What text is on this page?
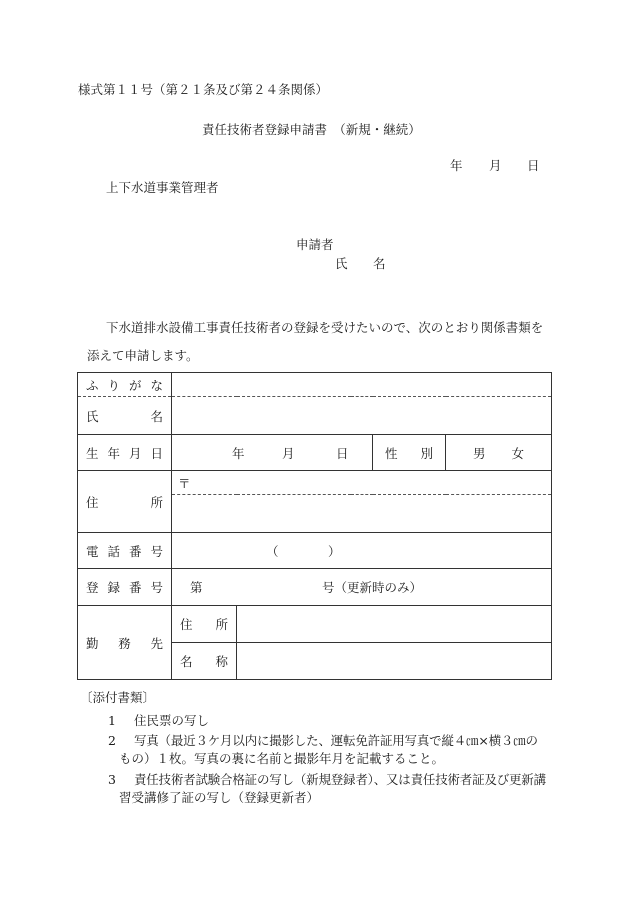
様式第１１号（第２１条及び第２４条関係）
責任技術者登録申請書　（新規・継続）
年 月 日
上下水道事業管理者
申請者
氏 名
下水道排水設備工事責任技術者の登録を受けたいので、次のとおり関係書類を
添えて申請します。
ふ り が な				

氏 名				

生 年 月 日	年 月 日		性 別	男 女

住 所	〒			

電 話 番 号	（ ）			

登 録 番 号	第 号（更新時のみ）			

勤 務 先	住 所			

	名 称			

〔添付書類〕
1 住民票の写し
2 写真（最近３ケ月以内に撮影した、運転免許証用写真で縦４㎝×横３㎝の
もの）１枚。写真の裏に名前と撮影年月を記載すること。
3 責任技術者試験合格証の写し（新規登録者）、又は責任技術者証及び更新講
習受講修了証の写し（登録更新者）
